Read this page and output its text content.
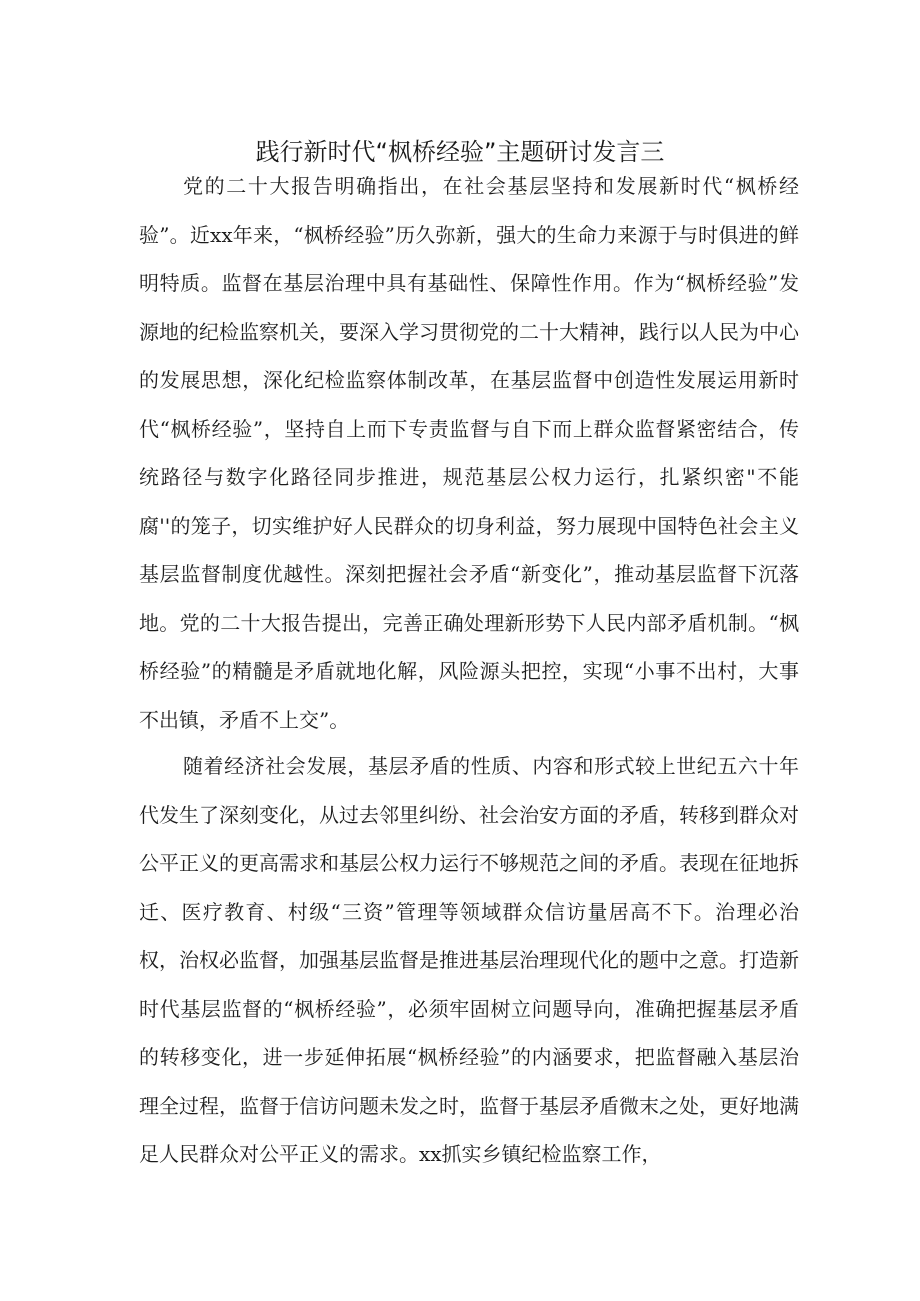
践行新时代“枫桥经验”主题研讨发言三

党的二十大报告明确指出，在社会基层坚持和发展新时代“枫桥经验”。近xx年来，“枫桥经验”历久弥新，强大的生命力来源于与时俱进的鲜明特质。监督在基层治理中具有基础性、保障性作用。作为“枫桥经验”发源地的纪检监察机关，要深入学习贯彻党的二十大精神，践行以人民为中心的发展思想，深化纪检监察体制改革，在基层监督中创造性发展运用新时代“枫桥经验”，坚持自上而下专责监督与自下而上群众监督紧密结合，传统路径与数字化路径同步推进，规范基层公权力运行，扎紧织密"不能腐''的笼子，切实维护好人民群众的切身利益，努力展现中国特色社会主义基层监督制度优越性。深刻把握社会矛盾“新变化”，推动基层监督下沉落地。党的二十大报告提出，完善正确处理新形势下人民内部矛盾机制。“枫桥经验”的精髓是矛盾就地化解，风险源头把控，实现“小事不出村，大事不出镇，矛盾不上交”。

随着经济社会发展，基层矛盾的性质、内容和形式较上世纪五六十年代发生了深刻变化，从过去邻里纠纷、社会治安方面的矛盾，转移到群众对公平正义的更高需求和基层公权力运行不够规范之间的矛盾。表现在征地拆迁、医疗教育、村级“三资”管理等领域群众信访量居高不下。治理必治权，治权必监督，加强基层监督是推进基层治理现代化的题中之意。打造新时代基层监督的“枫桥经验”，必须牢固树立问题导向，准确把握基层矛盾的转移变化，进一步延伸拓展“枫桥经验”的内涵要求，把监督融入基层治理全过程，监督于信访问题未发之时，监督于基层矛盾微末之处，更好地满足人民群众对公平正义的需求。xx抓实乡镇纪检监察工作，
